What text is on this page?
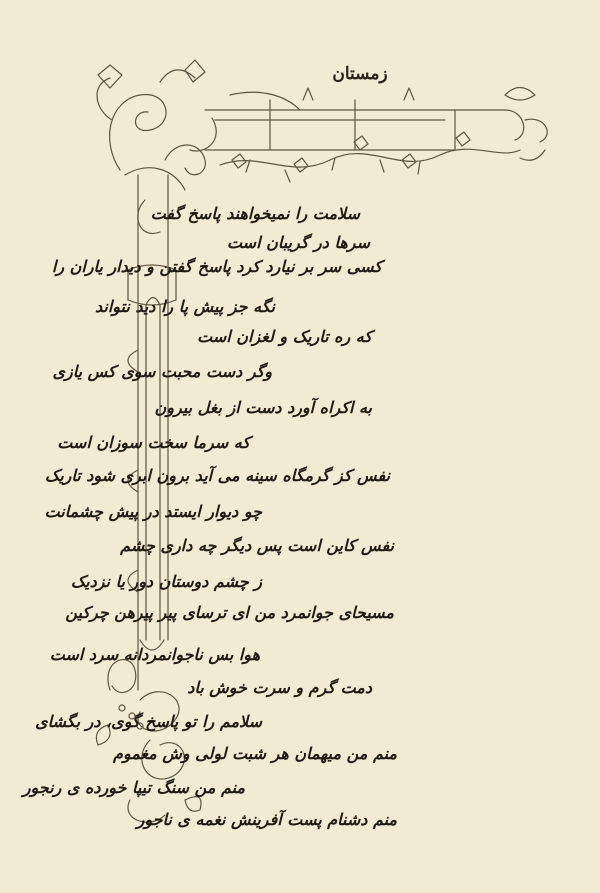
زمستان
سلامت را نمیخواهند پاسخ گفت
سرها در گریبان است
کسی سر بر نیارد کرد پاسخ گفتن و دیدار یاران را
نگه جز پیش پا را دید نتواند
که ره تاریک و لغزان است
وگر دست محبت سوی کس یازی
به اکراه آورد دست از بغل بیرون
که سرما سخت سوزان است
نفس کز گرمگاه سینه می آید برون ابری شود تاریک
چو دیوار ایستد در پیش چشمانت
نفس کاین است پس دیگر چه داری چشم
ز چشم دوستان دور یا نزدیک
مسیحای جوانمرد من ای ترسای پیر پیرهن چرکین
هوا بس ناجوانمردانه سرد است
دمت گرم و سرت خوش باد
سلامم را تو پاسخ گوی، در بگشای
منم من میهمان هر شبت لولی وش مغموم
منم من سنگ تیپا خورده ی رنجور
منم دشنام پست آفرینش نغمه ی ناجور
